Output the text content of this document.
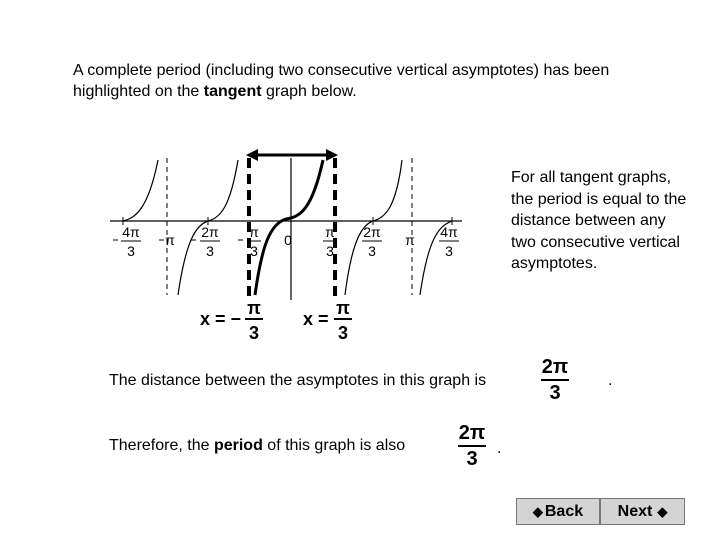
A complete period (including two consecutive vertical asymptotes) has been highlighted on the tangent graph below.
4π
3
π 2π
3
π
3
0 π
3
2π
3
π 4π
3
x = −
π
3
x =
π
3
For all tangent graphs, the period is equal to the distance between any two consecutive vertical asymptotes.
The distance between the asymptotes in this graph is
2π
3
.
Therefore, the period of this graph is also
2π
3 .
◆ Back Next ◆
